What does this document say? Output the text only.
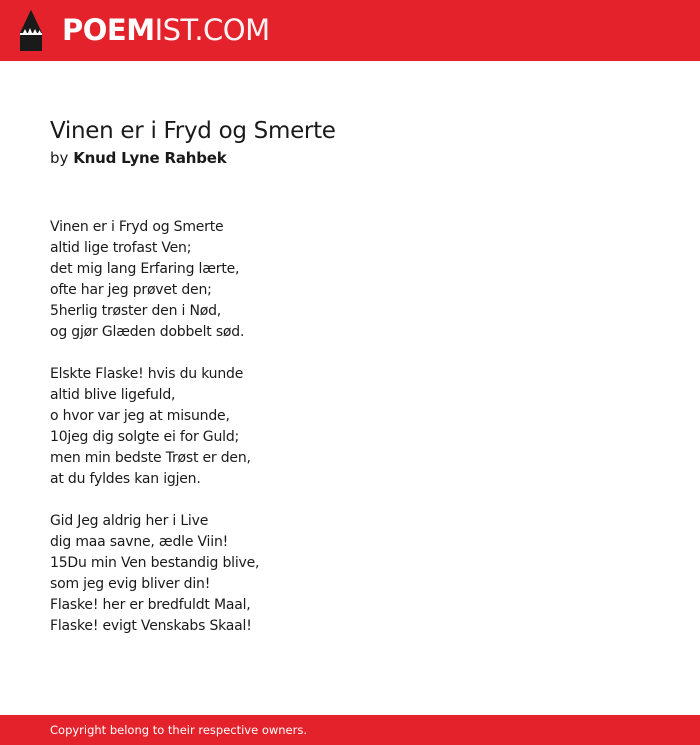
POEMIST.COM
Vinen er i Fryd og Smerte
by Knud Lyne Rahbek
Vinen er i Fryd og Smerte
altid lige trofast Ven;
det mig lang Erfaring lærte,
ofte har jeg prøvet den;
5herlig trøster den i Nød,
og gjør Glæden dobbelt sød.
Elskte Flaske! hvis du kunde
altid blive ligefuld,
o hvor var jeg at misunde,
10jeg dig solgte ei for Guld;
men min bedste Trøst er den,
at du fyldes kan igjen.
Gid Jeg aldrig her i Live
dig maa savne, ædle Viin!
15Du min Ven bestandig blive,
som jeg evig bliver din!
Flaske! her er bredfuldt Maal,
Flaske! evigt Venskabs Skaal!
Copyright belong to their respective owners.
